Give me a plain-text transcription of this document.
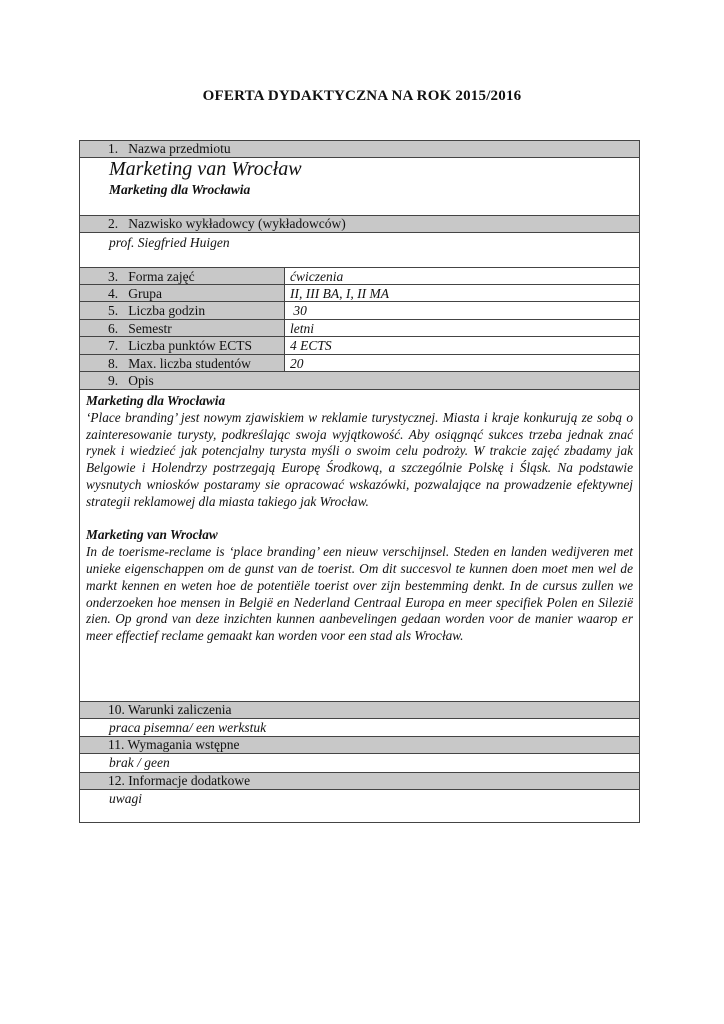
OFERTA DYDAKTYCZNA NA ROK 2015/2016
1.   Nazwa przedmiotu
Marketing van Wrocław
Marketing dla Wrocławia
2.   Nazwisko wykładowcy (wykładowców)
prof. Siegfried Huigen
3.   Forma zajęć	ćwiczenia
4.   Grupa	II, III BA, I, II MA
5.   Liczba godzin	30
6.   Semestr	letni
7.   Liczba punktów ECTS	4 ECTS
8.   Max. liczba studentów	20
9.   Opis
Marketing dla Wrocławia

‘Place branding’ jest nowym zjawiskiem w reklamie turystycznej. Miasta i kraje konkurują ze sobą o zainteresowanie turysty, podkreślając swoja wyjątkowość. Aby osiągnąć sukces trzeba jednak znać rynek i wiedzieć jak potencjalny turysta myśli o swoim celu podroży. W trakcie zajęć zbadamy jak Belgowie i Holendrzy postrzegają Europę Środkową, a szczególnie Polskę i Śląsk. Na podstawie wysnutych wniosków postaramy sie opracować wskazówki, pozwalające na prowadzenie efektywnej strategii reklamowej dla miasta takiego jak Wrocław.

Marketing van Wrocław

In de toerisme-reclame is ‘place branding’ een nieuw verschijnsel. Steden en landen wedijveren met unieke eigenschappen om de gunst van de toerist. Om dit succesvol te kunnen doen moet men wel de markt kennen en weten hoe de potentiële toerist over zijn bestemming denkt. In de cursus zullen we onderzoeken hoe mensen in België en Nederland Centraal Europa en meer specifiek Polen en Silezië zien. Op grond van deze inzichten kunnen aanbevelingen gedaan worden voor de manier waarop er meer effectief reclame gemaakt kan worden voor een stad als Wrocław.

10. Warunki zaliczenia
praca pisemna/ een werkstuk
11. Wymagania wstępne
brak / geen
12. Informacje dodatkowe
uwagi
